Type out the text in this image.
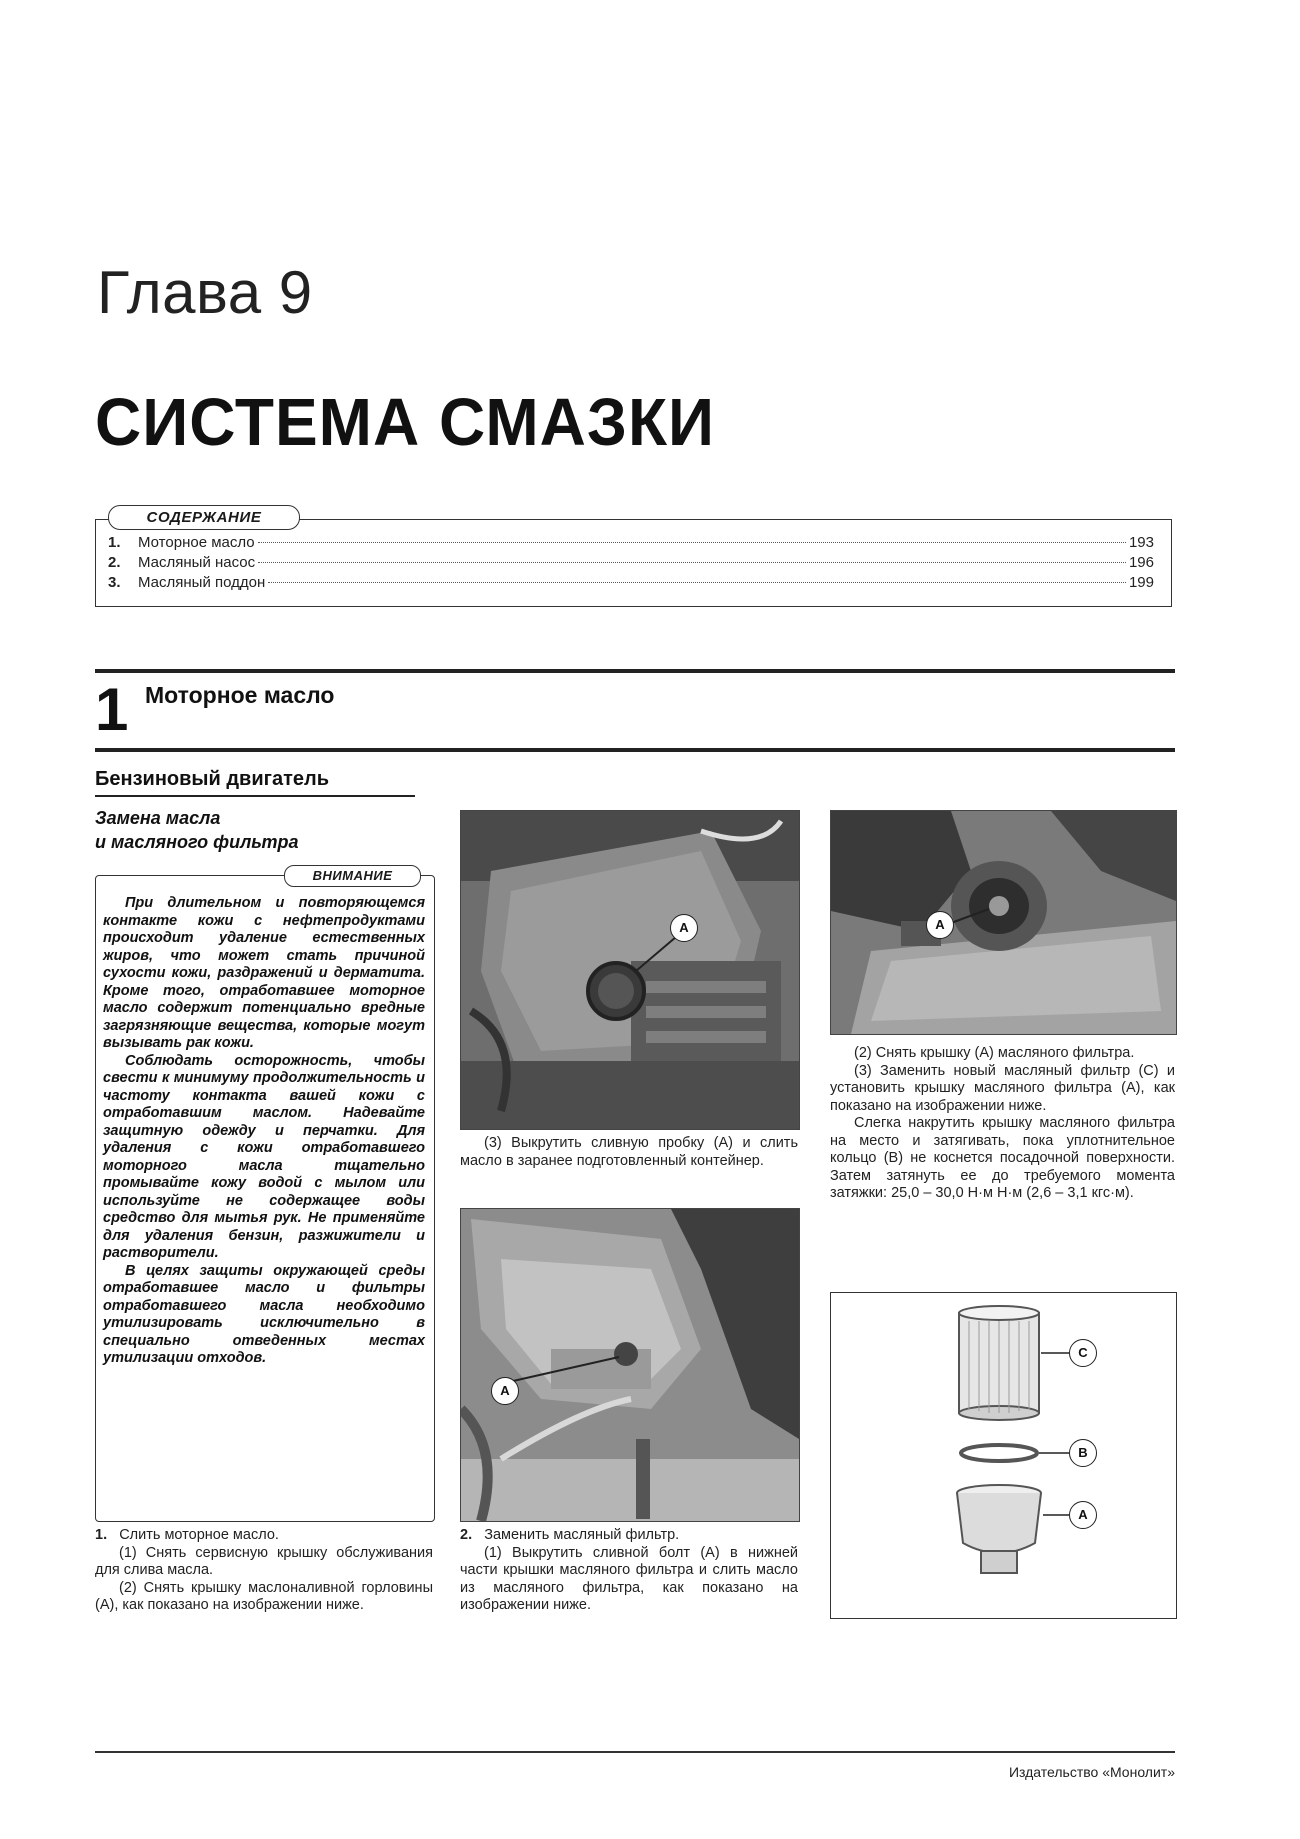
Глава 9
СИСТЕМА СМАЗКИ
СОДЕРЖАНИЕ
1.	Моторное масло	193
2.	Масляный насос	196
3.	Масляный поддон	199
1 Моторное масло
Бензиновый двигатель
Замена масла
и масляного фильтра
ВНИМАНИЕ

При длительном и повторяющемся контакте кожи с нефтепродуктами происходит удаление естественных жиров, что может стать причиной сухости кожи, раздражений и дерматита. Кроме того, отработавшее моторное масло содержит потенциально вредные загрязняющие вещества, которые могут вызывать рак кожи.

Соблюдать осторожность, чтобы свести к минимуму продолжительность и частоту контакта вашей кожи с отработавшим маслом. Надевайте защитную одежду и перчатки. Для удаления с кожи отработавшего моторного масла тщательно промывайте кожу водой с мылом или используйте не содержащее воды средство для мытья рук. Не применяйте для удаления бензин, разжижители и растворители.

В целях защиты окружающей среды отработавшее масло и фильтры отработавшего масла необходимо утилизировать исключительно в специально отведенных местах утилизации отходов.

1. Слить моторное масло.

(1) Снять сервисную крышку обслуживания для слива масла.

(2) Снять крышку маслоналивной горловины (A), как показано на изображении ниже.

A

(3) Выкрутить сливную пробку (A) и слить масло в заранее подготовленный контейнер.

A

2. Заменить масляный фильтр.

(1) Выкрутить сливной болт (A) в нижней части крышки масляного фильтра и слить масло из масляного фильтра, как показано на изображении ниже.

A

(2) Снять крышку (A) масляного фильтра.

(3) Заменить новый масляный фильтр (C) и установить крышку масляного фильтра (A), как показано на изображении ниже.

Слегка накрутить крышку масляного фильтра на место и затягивать, пока уплотнительное кольцо (B) не коснется посадочной поверхности. Затем затянуть ее до требуемого момента затяжки: 25,0 – 30,0 Н·м Н·м (2,6 – 3,1 кгс·м).

C
B
A
Издательство «Монолит»
